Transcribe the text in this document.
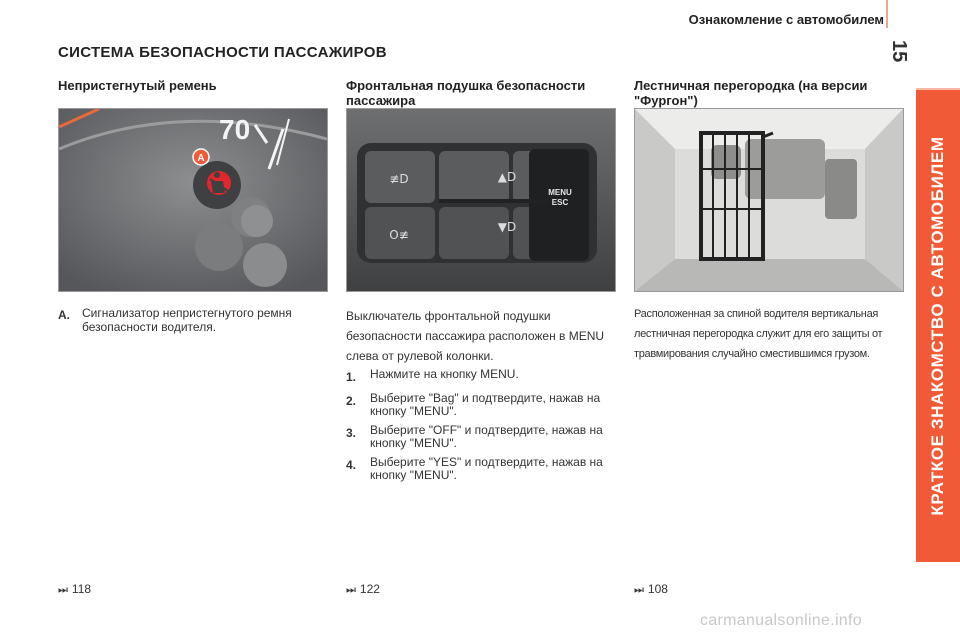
Ознакомление с автомобилем
15
КРАТКОЕ ЗНАКОМСТВО С АВТОМОБИЛЕМ
СИСТЕМА БЕЗОПАСНОСТИ ПАССАЖИРОВ
Непристегнутый ремень	Фронтальная подушка безопасности пассажира
Лестничная перегородка (на версии "Фургон")
70
A
≢D
O≢
▲D
▼D
MENU
ESC
A. Сигнализатор непристегнутого ремня безопасности водителя.
Выключатель фронтальной подушки безопасности пассажира расположен в MENU слева от рулевой колонки.
1.	Нажмите на кнопку MENU.
2.	Выберите "Bag" и подтвердите, нажав на кнопку "MENU".
3.	Выберите "OFF" и подтвердите, нажав на кнопку "MENU".
4.	Выберите "YES" и подтвердите, нажав на кнопку "MENU".
Расположенная за спиной водителя вертикальная лестничная перегородка служит для его защиты от травмирования случайно сместившимся грузом.
⏭ 118	⏭ 122	⏭ 108
carmanualsonline.info
